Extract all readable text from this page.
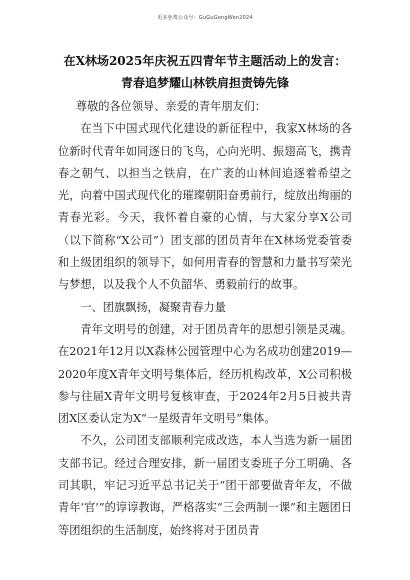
更多免费公众号：GuGuGongWen2024
在X林场2025年庆祝五四青年节主题活动上的发言：青春追梦耀山林铁肩担责铸先锋

尊敬的各位领导、亲爱的青年朋友们：

在当下中国式现代化建设的新征程中，我家X林场的各位新时代青年如同逐日的飞鸟，心向光明、振翅高飞，携青春之朝气、以担当之铁肩，在广袤的山林间追逐着希望之光，向着中国式现代化的璀璨朝阳奋勇前行，绽放出绚丽的青春光彩。今天，我怀着自豪的心情，与大家分享X公司（以下简称“X公司”）团支部的团员青年在X林场党委管委和上级团组织的领导下，如何用青春的智慧和力量书写荣光与梦想，以及我个人不负韶华、勇毅前行的故事。

一、团旗飘扬，凝聚青春力量

青年文明号的创建，对于团员青年的思想引领是灵魂。在2021年12月以X森林公园管理中心为名成功创建2019—2020年度X青年文明号集体后，经历机构改革，X公司积极参与往届X青年文明号复核审查，于2024年2月5日被共青团X区委认定为X“一星级青年文明号”集体。

不久，公司团支部顺利完成改选，本人当选为新一届团支部书记。经过合理安排，新一届团支委班子分工明确、各司其职，牢记习近平总书记关于“团干部要做青年友，不做青年‘官’”的谆谆教诲，严格落实“三会两制一课”和主题团日等团组织的生活制度，始终将对于团员青
